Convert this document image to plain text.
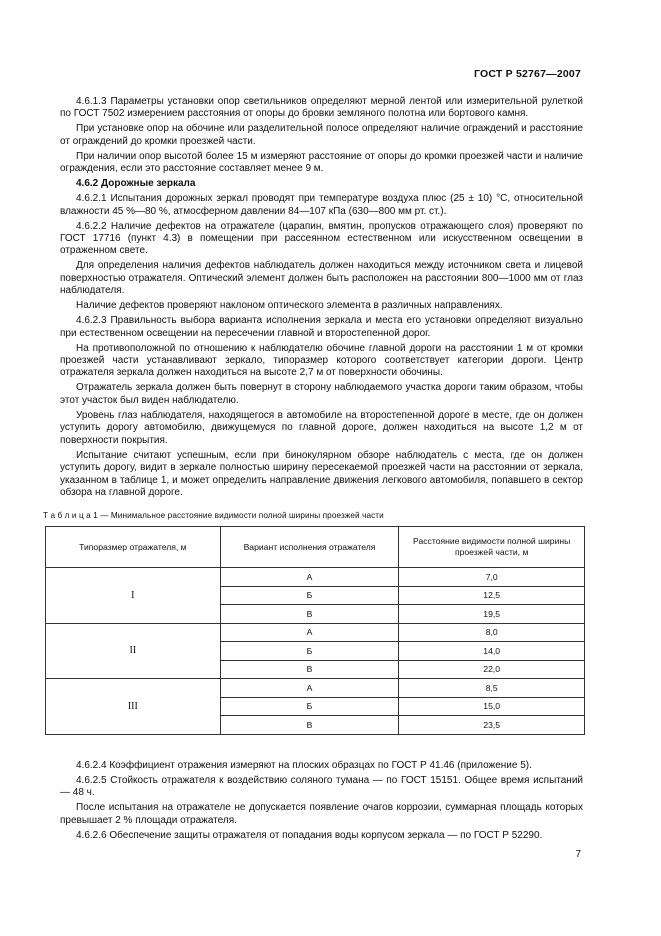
ГОСТ Р 52767—2007

4.6.1.3 Параметры установки опор светильников определяют мерной лентой или измерительной рулеткой по ГОСТ 7502 измерением расстояния от опоры до бровки земляного полотна или бортового камня.

При установке опор на обочине или разделительной полосе определяют наличие ограждений и расстояние от ограждений до кромки проезжей части.

При наличии опор высотой более 15 м измеряют расстояние от опоры до кромки проезжей части и наличие ограждения, если это расстояние составляет менее 9 м.

4.6.2 Дорожные зеркала

4.6.2.1 Испытания дорожных зеркал проводят при температуре воздуха плюс (25 ± 10) °С, относительной влажности 45 %—80 %, атмосферном давлении 84—107 кПа (630—800 мм рт. ст.).

4.6.2.2 Наличие дефектов на отражателе (царапин, вмятин, пропусков отражающего слоя) проверяют по ГОСТ 17716 (пункт 4.3) в помещении при рассеянном естественном или искусственном освещении в отраженном свете.

Для определения наличия дефектов наблюдатель должен находиться между источником света и лицевой поверхностью отражателя. Оптический элемент должен быть расположен на расстоянии 800—1000 мм от глаз наблюдателя.

Наличие дефектов проверяют наклоном оптического элемента в различных направлениях.

4.6.2.3 Правильность выбора варианта исполнения зеркала и места его установки определяют визуально при естественном освещении на пересечении главной и второстепенной дорог.

На противоположной по отношению к наблюдателю обочине главной дороги на расстоянии 1 м от кромки проезжей части устанавливают зеркало, типоразмер которого соответствует категории дороги. Центр отражателя зеркала должен находиться на высоте 2,7 м от поверхности обочины.

Отражатель зеркала должен быть повернут в сторону наблюдаемого участка дороги таким образом, чтобы этот участок был виден наблюдателю.

Уровень глаз наблюдателя, находящегося в автомобиле на второстепенной дороге в месте, где он должен уступить дорогу автомобилю, движущемуся по главной дороге, должен находиться на высоте 1,2 м от поверхности покрытия.

Испытание считают успешным, если при бинокулярном обзоре наблюдатель с места, где он должен уступить дорогу, видит в зеркале полностью ширину пересекаемой проезжей части на расстоянии от зеркала, указанном в таблице 1, и может определить направление движения легкового автомобиля, попавшего в сектор обзора на главной дороге.

Т а б л и ц а 1 — Минимальное расстояние видимости полной ширины проезжей части
Типоразмер отражателя, м	Вариант исполнения отражателя	Расстояние видимости полной ширины проезжей части, м
I	А	7,0
	Б	12,5
	В	19,5
II	А	8,0
	Б	14,0
	В	22,0
III	А	8,5
	Б	15,0
	В	23,5

4.6.2.4 Коэффициент отражения измеряют на плоских образцах по ГОСТ Р 41.46 (приложение 5).

4.6.2.5 Стойкость отражателя к воздействию соляного тумана — по ГОСТ 15151. Общее время испытаний — 48 ч.

После испытания на отражателе не допускается появление очагов коррозии, суммарная площадь которых превышает 2 % площади отражателя.

4.6.2.6 Обеспечение защиты отражателя от попадания воды корпусом зеркала — по ГОСТ Р 52290.

7
